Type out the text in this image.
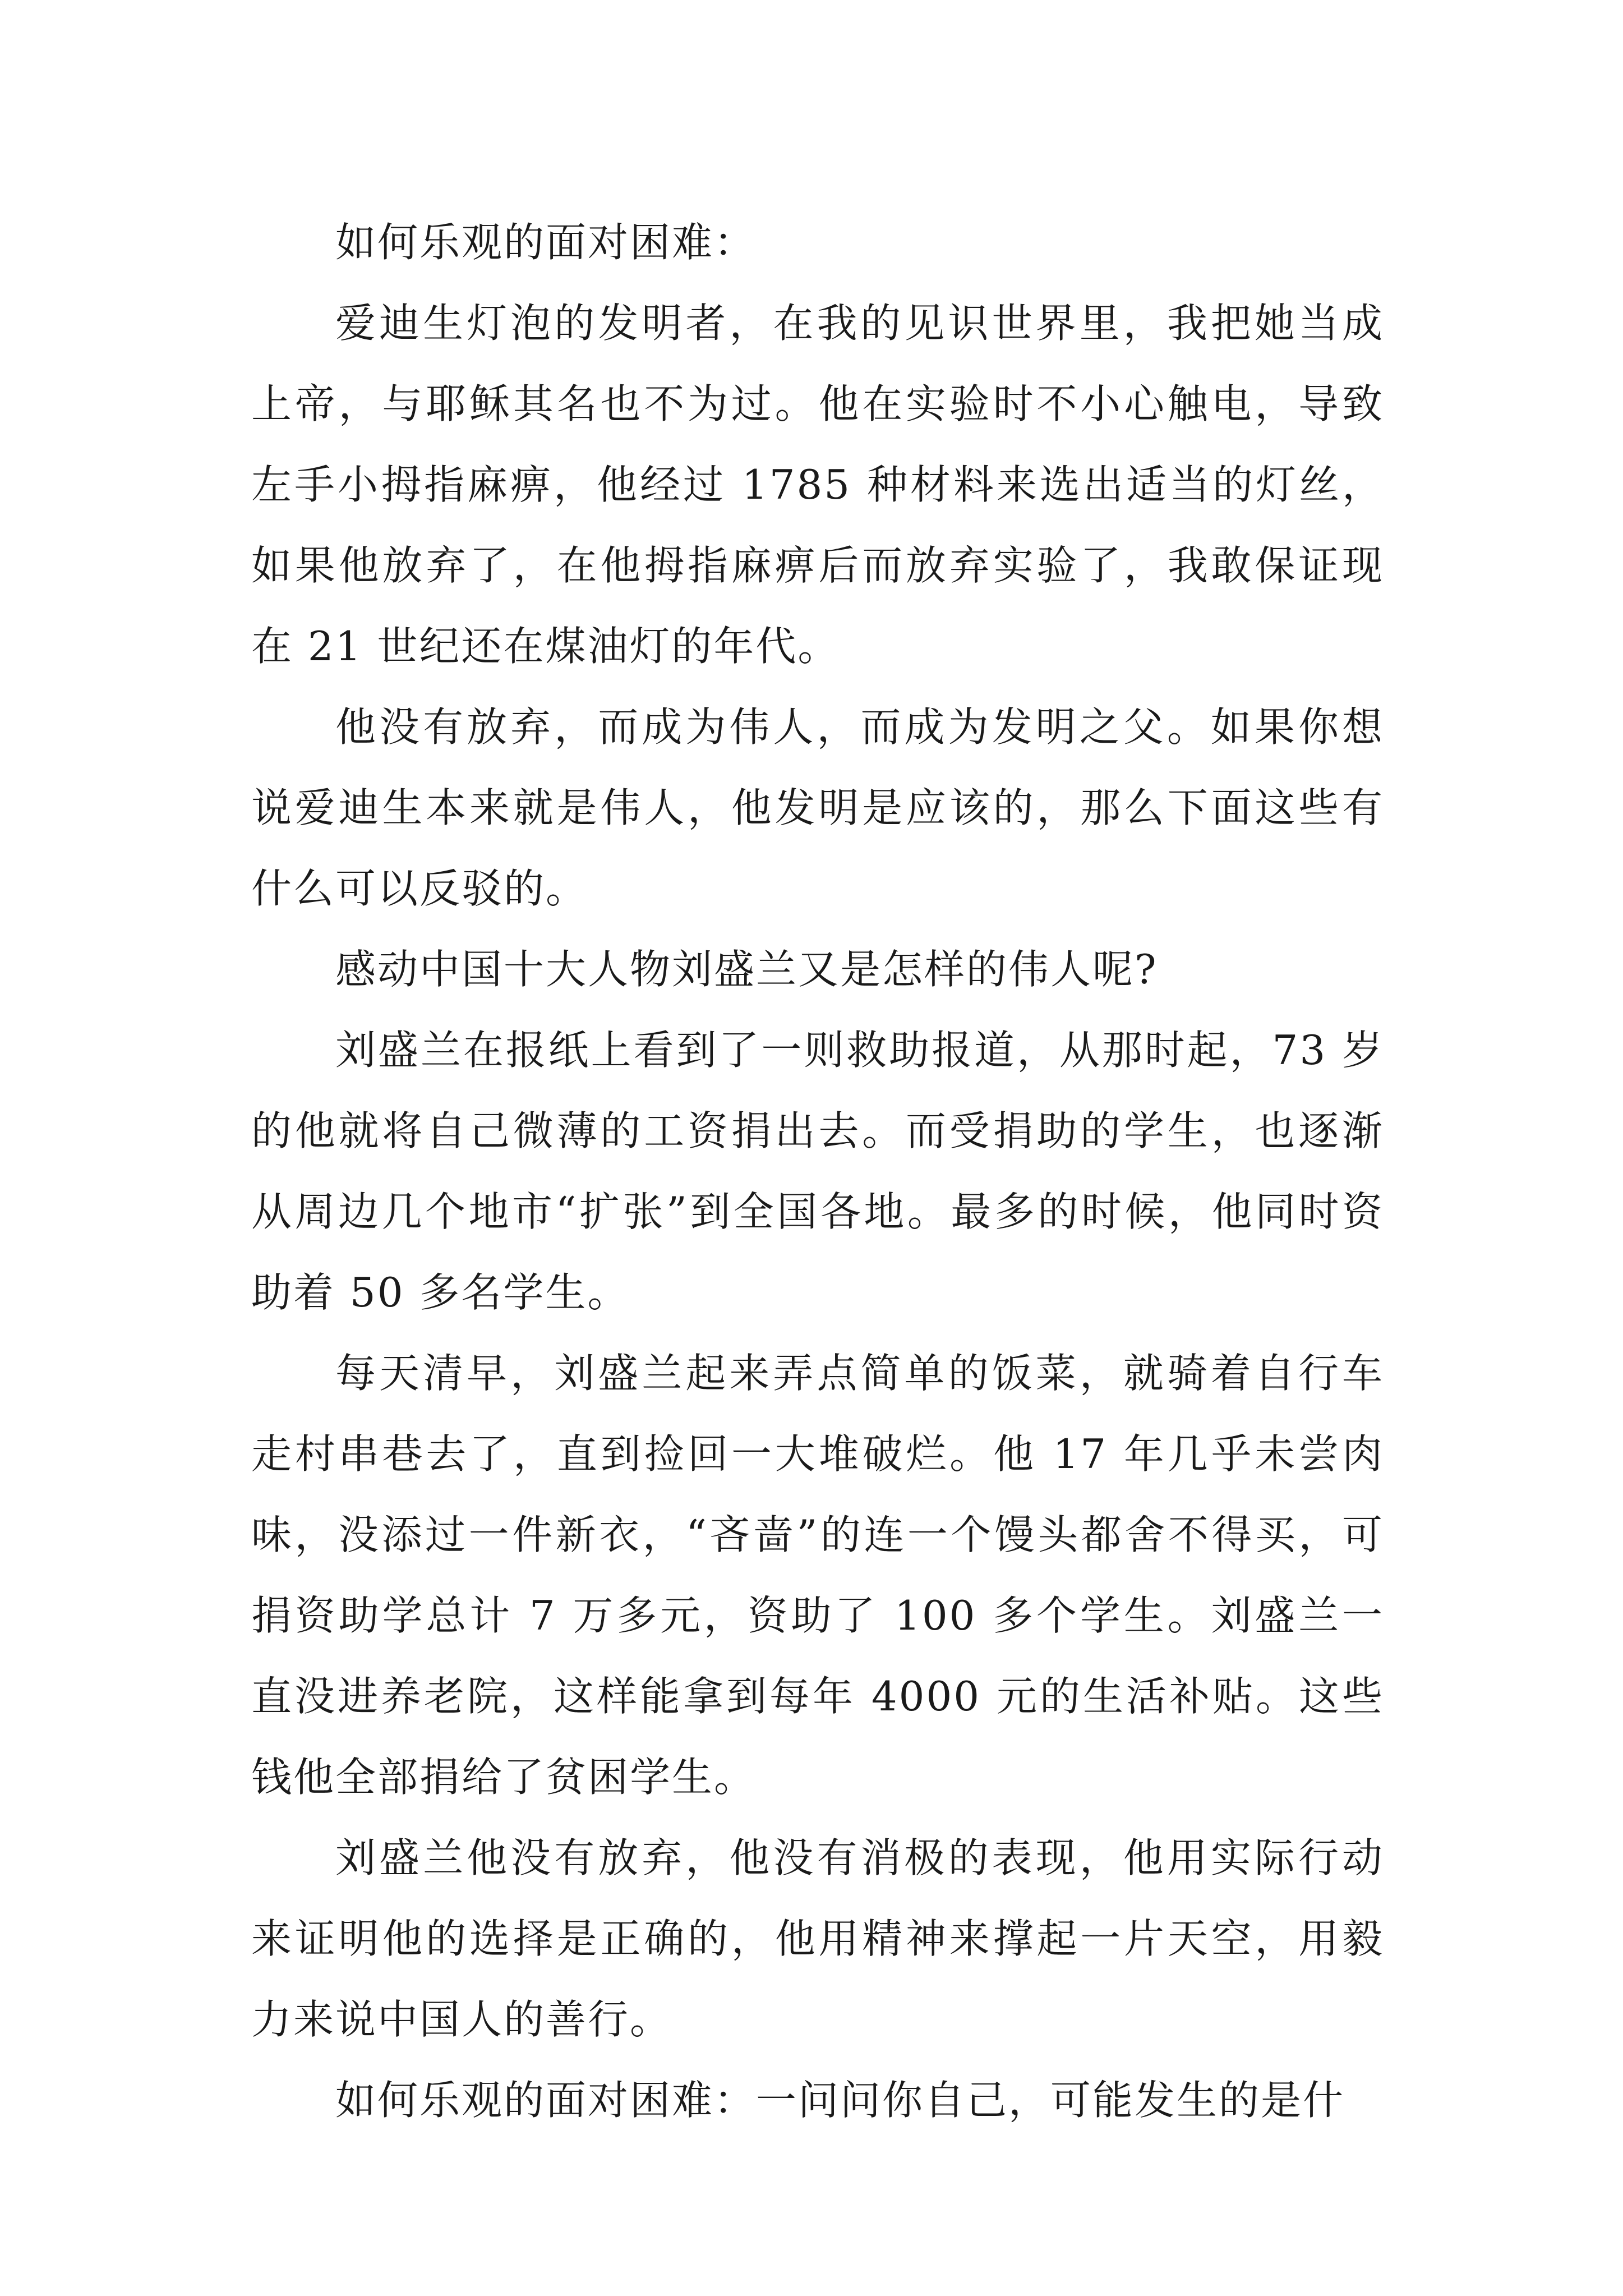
如何乐观的面对困难：

爱迪生灯泡的发明者，在我的见识世界里，我把她当成上帝，与耶稣其名也不为过。他在实验时不小心触电，导致左手小拇指麻痹，他经过 1785 种材料来选出适当的灯丝，如果他放弃了，在他拇指麻痹后而放弃实验了，我敢保证现在 21 世纪还在煤油灯的年代。

他没有放弃，而成为伟人，而成为发明之父。如果你想说爱迪生本来就是伟人，他发明是应该的，那么下面这些有什么可以反驳的。

感动中国十大人物刘盛兰又是怎样的伟人呢?

刘盛兰在报纸上看到了一则救助报道，从那时起，73 岁的他就将自己微薄的工资捐出去。而受捐助的学生，也逐渐从周边几个地市“扩张”到全国各地。最多的时候，他同时资助着 50 多名学生。

每天清早，刘盛兰起来弄点简单的饭菜，就骑着自行车走村串巷去了，直到捡回一大堆破烂。他 17 年几乎未尝肉味，没添过一件新衣，“吝啬”的连一个馒头都舍不得买，可捐资助学总计 7 万多元，资助了 100 多个学生。刘盛兰一直没进养老院，这样能拿到每年 4000 元的生活补贴。这些钱他全部捐给了贫困学生。

刘盛兰他没有放弃，他没有消极的表现，他用实际行动来证明他的选择是正确的，他用精神来撑起一片天空，用毅力来说中国人的善行。

如何乐观的面对困难：一问问你自己，可能发生的是什
